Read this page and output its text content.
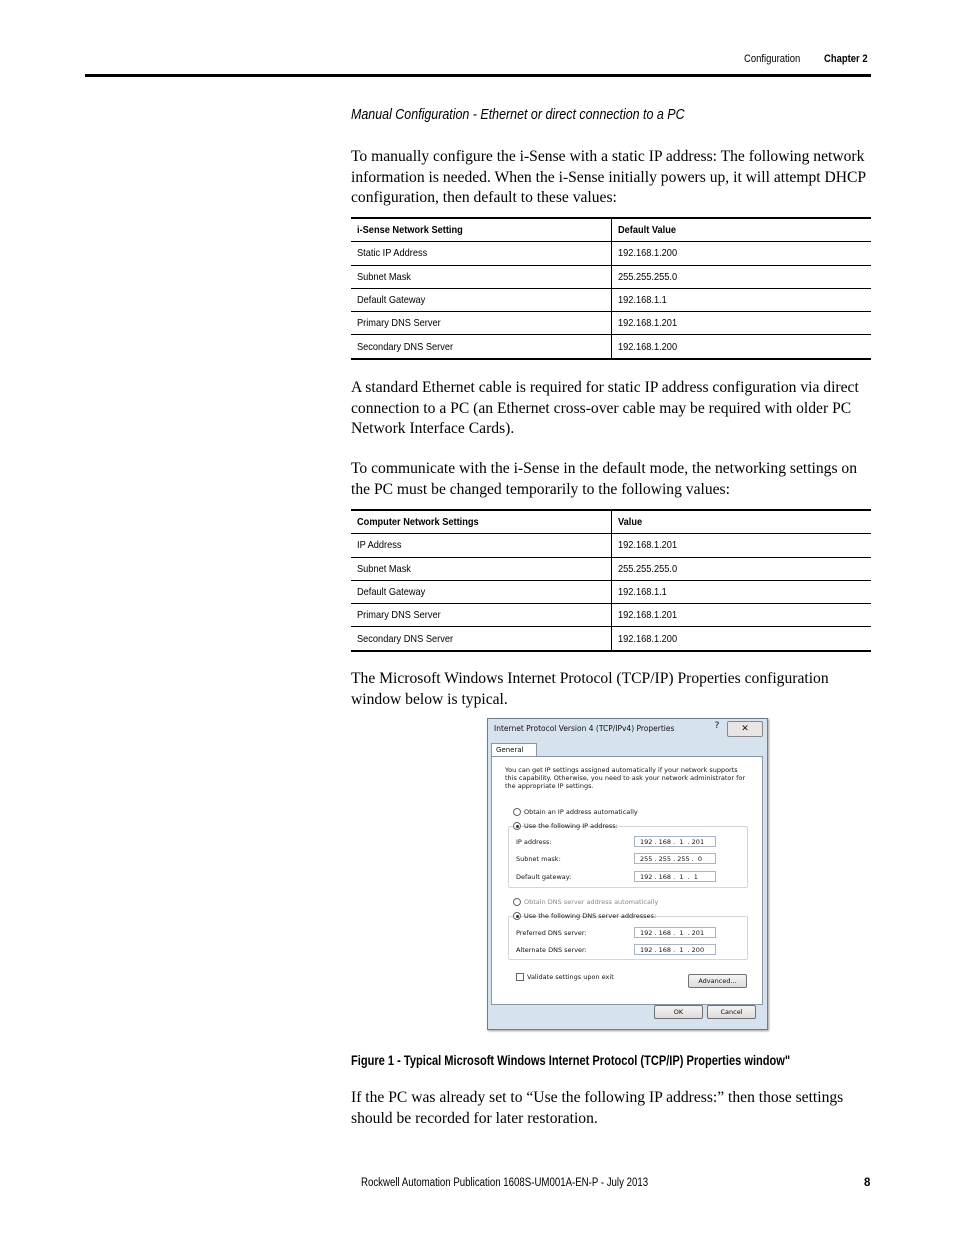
Configuration Chapter 2
Manual Configuration - Ethernet or direct connection to a PC

To manually configure the i-Sense with a static IP address: The following network information is needed. When the i-Sense initially powers up, it will attempt DHCP configuration, then default to these values:

i-Sense Network Setting	Default Value
Static IP Address	192.168.1.200
Subnet Mask	255.255.255.0
Default Gateway	192.168.1.1
Primary DNS Server	192.168.1.201
Secondary DNS Server	192.168.1.200

A standard Ethernet cable is required for static IP address configuration via direct connection to a PC (an Ethernet cross-over cable may be required with older PC Network Interface Cards).

To communicate with the i-Sense in the default mode, the networking settings on the PC must be changed temporarily to the following values:

Computer Network Settings	Value
IP Address	192.168.1.201
Subnet Mask	255.255.255.0
Default Gateway	192.168.1.1
Primary DNS Server	192.168.1.201
Secondary DNS Server	192.168.1.200

The Microsoft Windows Internet Protocol (TCP/IP) Properties configuration window below is typical.

Internet Protocol Version 4 (TCP/IPv4) Properties	?	✕
General
You can get IP settings assigned automatically if your network supports this capability. Otherwise, you need to ask your network administrator for the appropriate IP settings.
Obtain an IP address automatically
Use the following IP address:
IP address:	192 . 168 .  1  . 201
Subnet mask:	255 . 255 . 255 .  0
Default gateway:	192 . 168 .  1  .  1
Obtain DNS server address automatically
Use the following DNS server addresses:
Preferred DNS server:	192 . 168 .  1  . 201
Alternate DNS server:	192 . 168 .  1  . 200
Validate settings upon exit	Advanced...
OK	Cancel
Figure 1 - Typical Microsoft Windows Internet Protocol (TCP/IP) Properties window"

If the PC was already set to “Use the following IP address:” then those settings should be recorded for later restoration.

Rockwell Automation Publication 1608S-UM001A-EN-P - July 2013	8
